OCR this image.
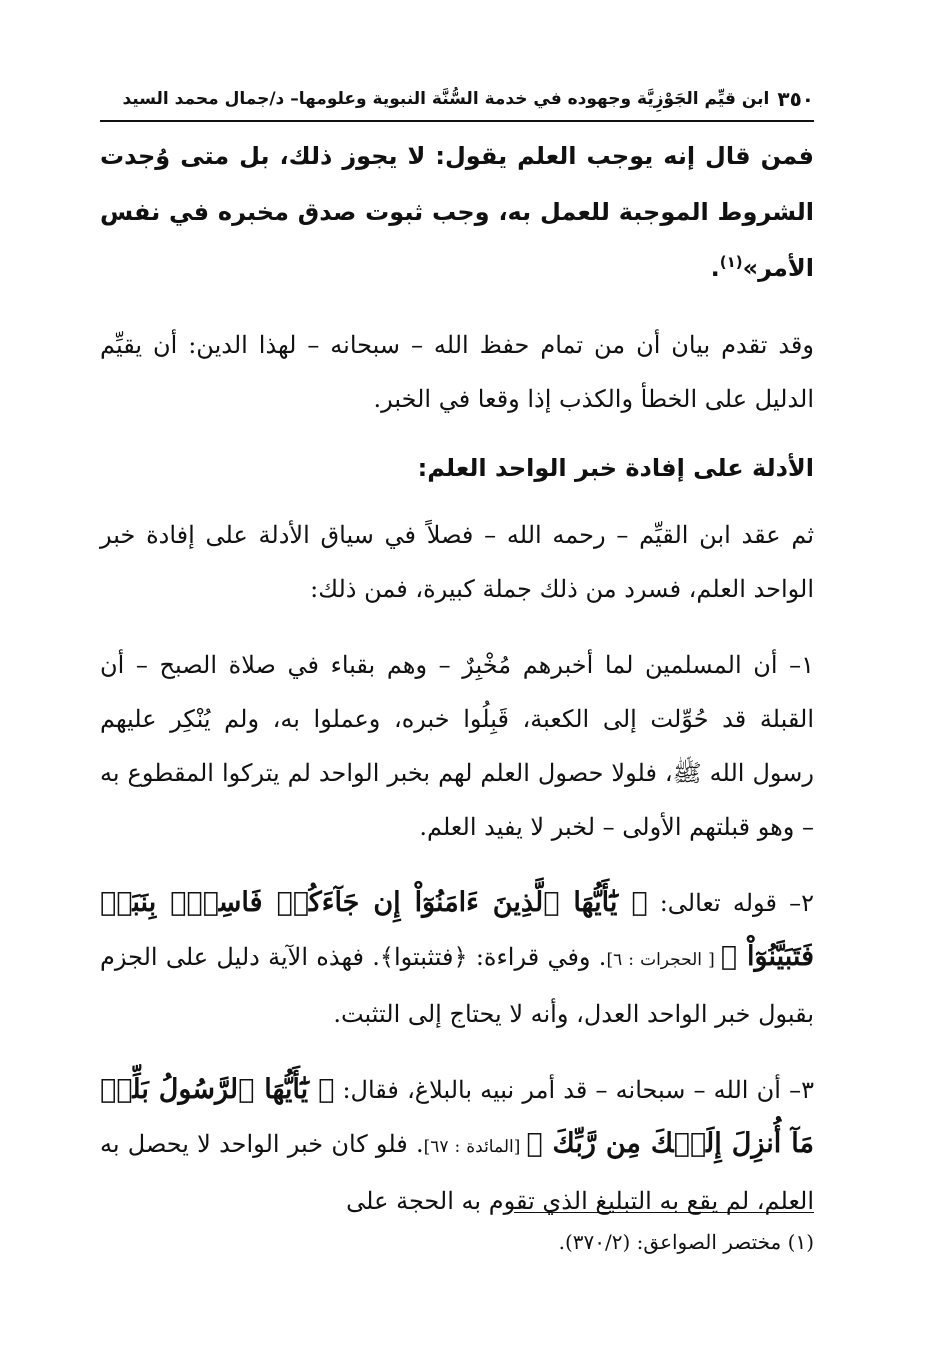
٣٥٠
ابن قيِّم الجَوْزِيَّة وجهوده في خدمة السُّنَّة النبوية وعلومها– د/جمال محمد السيد

فمن قال إنه يوجب العلم يقول: لا يجوز ذلك، بل متى وُجدت الشروط الموجبة للعمل به، وجب ثبوت صدق مخبره في نفس الأمر»$^{(١)}$.

وقد تقدم بيان أن من تمام حفظ الله – سبحانه – لهذا الدين: أن يقيِّم الدليل على الخطأ والكذب إذا وقعا في الخبر.

الأدلة على إفادة خبر الواحد العلم:

ثم عقد ابن القيِّم – رحمه الله – فصلاً في سياق الأدلة على إفادة خبر الواحد العلم، فسرد من ذلك جملة كبيرة، فمن ذلك:

١– أن المسلمين لما أخبرهم مُخْبِرٌ – وهم بقباء في صلاة الصبح – أن القبلة قد حُوِّلت إلى الكعبة، قَبِلُوا خبره، وعملوا به، ولم يُنْكِر عليهم رسول الله ﷺ، فلولا حصول العلم لهم بخبر الواحد لم يتركوا المقطوع به – وهو قبلتهم الأولى – لخبر لا يفيد العلم.

٢– قوله تعالى: ﴿ يَٰٓأَيُّهَا ٱلَّذِينَ ءَامَنُوٓاْ إِن جَآءَكُمۡ فَاسِقُۢ بِنَبَإٖ فَتَبَيَّنُوٓاْ ﴾ [ الحجرات : ٦]. وفي قراءة: ﴿فتثبتوا﴾. فهذه الآية دليل على الجزم بقبول خبر الواحد العدل، وأنه لا يحتاج إلى التثبت.

٣– أن الله – سبحانه – قد أمر نبيه بالبلاغ، فقال: ﴿ يَٰٓأَيُّهَا ٱلرَّسُولُ بَلِّغۡ مَآ أُنزِلَ إِلَيۡكَ مِن رَّبِّكَ ﴾ [المائدة : ٦٧]. فلو كان خبر الواحد لا يحصل به العلم، لم يقع به التبليغ الذي تقوم به الحجة على

(١) مختصر الصواعق: (٣٧٠/٢).
